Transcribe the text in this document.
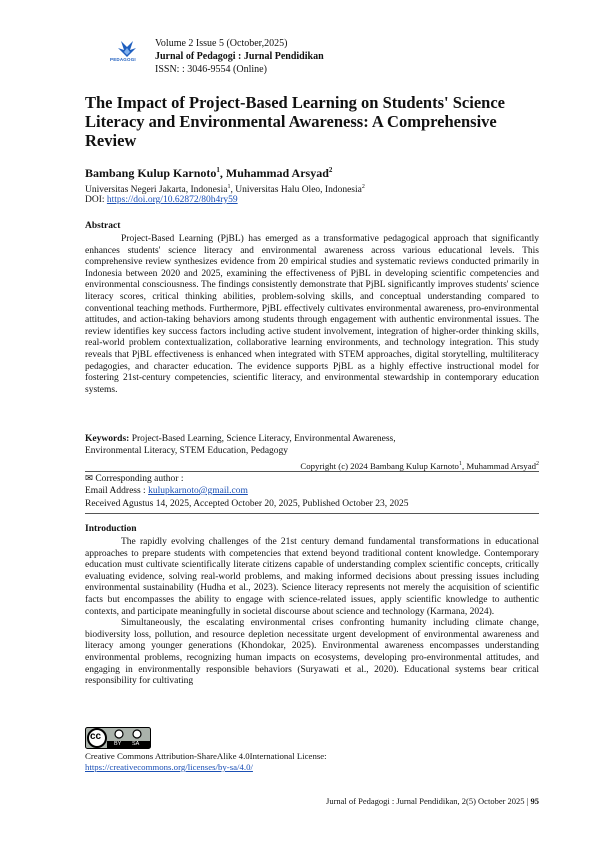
PEDAGOGI
Volume 2 Issue 5 (October,2025)
Jurnal of Pedagogi : Jurnal Pendidikan
ISSN: : 3046-9554 (Online)
The Impact of Project-Based Learning on Students' Science Literacy and Environmental Awareness: A Comprehensive Review
Bambang Kulup Karnoto$^1$, Muhammad Arsyad$^2$
Universitas Negeri Jakarta, Indonesia$^1$, Universitas Halu Oleo, Indonesia$^2$
DOI: https://doi.org/10.62872/80h4ry59
Abstract

Project-Based Learning (PjBL) has emerged as a transformative pedagogical approach that significantly enhances students' science literacy and environmental awareness across various educational levels. This comprehensive review synthesizes evidence from 20 empirical studies and systematic reviews conducted primarily in Indonesia between 2020 and 2025, examining the effectiveness of PjBL in developing scientific competencies and environmental consciousness. The findings consistently demonstrate that PjBL significantly improves students' science literacy scores, critical thinking abilities, problem-solving skills, and conceptual understanding compared to conventional teaching methods. Furthermore, PjBL effectively cultivates environmental awareness, pro-environmental attitudes, and action-taking behaviors among students through engagement with authentic environmental issues. The review identifies key success factors including active student involvement, integration of higher-order thinking skills, real-world problem contextualization, collaborative learning environments, and technology integration. This study reveals that PjBL effectiveness is enhanced when integrated with STEM approaches, digital storytelling, multiliteracy pedagogies, and character education. The evidence supports PjBL as a highly effective instructional model for fostering 21st-century competencies, scientific literacy, and environmental stewardship in contemporary education systems.

Keywords: Project-Based Learning, Science Literacy, Environmental Awareness,
Environmental Literacy, STEM Education, Pedagogy
Copyright (c) 2024 Bambang Kulup Karnoto$^1$, Muhammad Arsyad$^2$
✉ Corresponding author :
Email Address : kulupkarnoto@gmail.com
Received Agustus 14, 2025, Accepted October 20, 2025, Published October 23, 2025
Introduction

The rapidly evolving challenges of the 21st century demand fundamental transformations in educational approaches to prepare students with competencies that extend beyond traditional content knowledge. Contemporary education must cultivate scientifically literate citizens capable of understanding complex scientific concepts, critically evaluating evidence, solving real-world problems, and making informed decisions about pressing issues including environmental sustainability (Hudha et al., 2023). Science literacy represents not merely the acquisition of scientific facts but encompasses the ability to engage with science-related issues, apply scientific knowledge to authentic contexts, and participate meaningfully in societal discourse about science and technology (Karmana, 2024).

Simultaneously, the escalating environmental crises confronting humanity including climate change, biodiversity loss, pollution, and resource depletion necessitate urgent development of environmental awareness and literacy among younger generations (Khondokar, 2025). Environmental awareness encompasses understanding environmental problems, recognizing human impacts on ecosystems, developing pro-environmental attitudes, and engaging in environmentally responsible behaviors (Suryawati et al., 2020). Educational systems bear critical responsibility for cultivating

cc
BY SA
Creative Commons Attribution-ShareAlike 4.0International License:
https://creativecommons.org/licenses/by-sa/4.0/
Jurnal of Pedagogi : Jurnal Pendidikan, 2(5) October 2025 | 95
